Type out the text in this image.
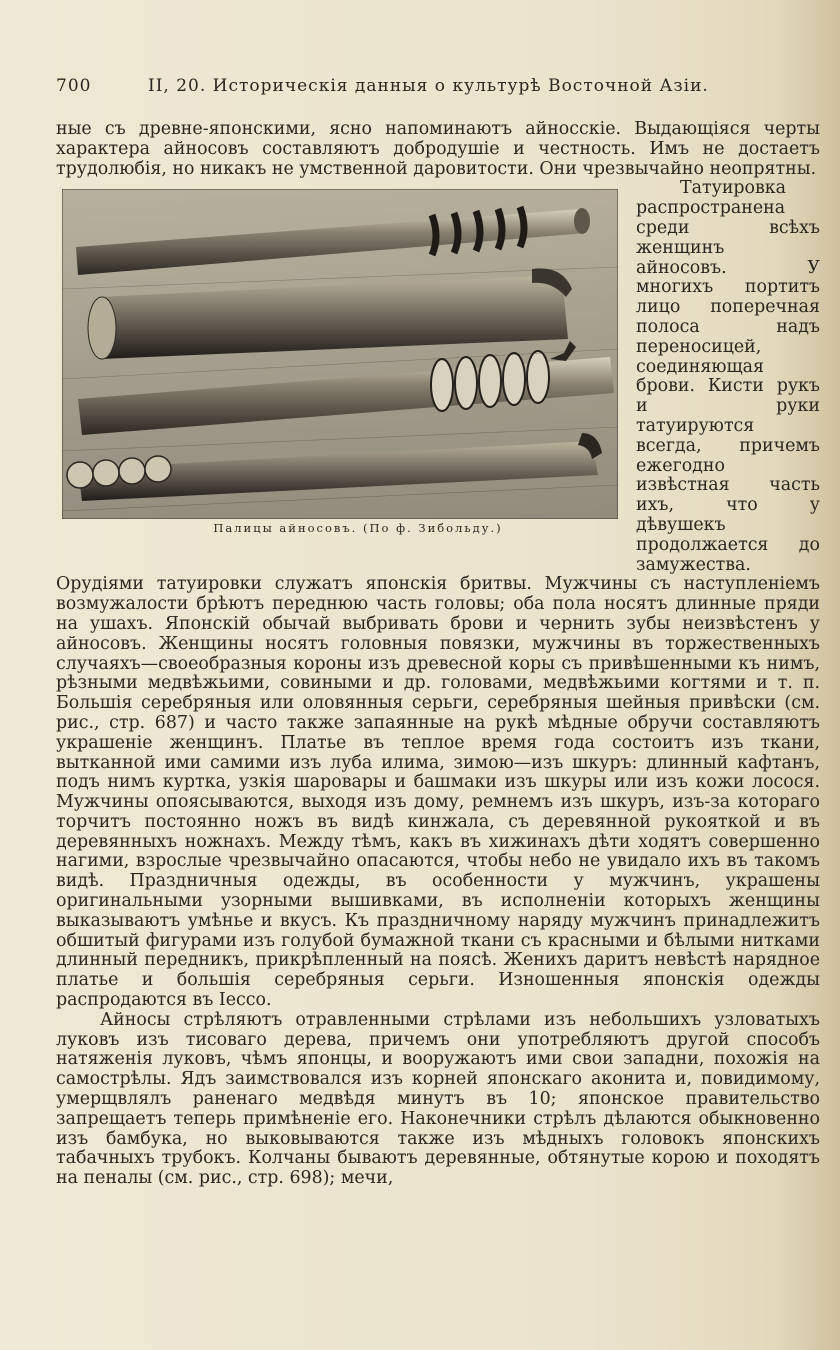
700	II, 20. Историческія данныя о культурѣ Восточной Азіи.

ные съ древне-японскими, ясно напоминаютъ айносскіе. Выдающіяся черты характера айносовъ составляютъ добродушіе и честность. Имъ не достаетъ трудолюбія, но никакъ не умственной даровитости. Они чрезвычайно неопрятны.

Палицы айносовъ. (По ф. Зибольду.)
Татуировка распространена среди всѣхъ женщинъ айносовъ. У многихъ портитъ лицо поперечная полоса надъ переносицей, соединяющая брови. Кисти рукъ и руки татуируются всегда, причемъ ежегодно извѣстная часть ихъ, что у дѣвушекъ продолжается до замужества. Орудіями татуировки служатъ японскія бритвы. Мужчины съ наступленіемъ возмужалости брѣютъ переднюю часть головы; оба пола носятъ длинные пряди на ушахъ. Японскій обычай выбривать брови и чернить зубы неизвѣстенъ у айносовъ. Женщины носятъ головныя повязки, мужчины въ торжественныхъ случаяхъ—своеобразныя короны изъ древесной коры съ привѣшенными къ нимъ, рѣзными медвѣжьими, совиными и др. головами, медвѣжьими когтями и т. п. Большія серебряныя или оловянныя серьги, серебряныя шейныя привѣски (см. рис., стр. 687) и часто также запаянные на рукѣ мѣдные обручи составляютъ украшеніе женщинъ. Платье въ теплое время года состоитъ изъ ткани, вытканной ими самими изъ луба илима, зимою—изъ шкуръ: длинный кафтанъ, подъ нимъ куртка, узкія шаровары и башмаки изъ шкуры или изъ кожи лосося. Мужчины опоясываются, выходя изъ дому, ремнемъ изъ шкуръ, изъ-за котораго торчитъ постоянно ножъ въ видѣ кинжала, съ деревянной рукояткой и въ деревянныхъ ножнахъ. Между тѣмъ, какъ въ хижинахъ дѣти ходятъ совершенно нагими, взрослые чрезвычайно опасаются, чтобы небо не увидало ихъ въ такомъ видѣ. Праздничныя одежды, въ особенности у мужчинъ, украшены оригинальными узорными вышивками, въ исполненіи которыхъ женщины выказываютъ умѣнье и вкусъ. Къ праздничному наряду мужчинъ принадлежитъ обшитый фигурами изъ голубой бумажной ткани съ красными и бѣлыми нитками длинный передникъ, прикрѣпленный на поясѣ. Женихъ даритъ невѣстѣ нарядное платье и большія серебряныя серьги. Изношенныя японскія одежды распродаются въ Іессо.

Айносы стрѣляютъ отравленными стрѣлами изъ небольшихъ узловатыхъ луковъ изъ тисоваго дерева, причемъ они употребляютъ другой способъ натяженія луковъ, чѣмъ японцы, и вооружаютъ ими свои западни, похожія на самострѣлы. Ядъ заимствовался изъ корней японскаго аконита и, повидимому, умерщвлялъ раненаго медвѣдя минутъ въ 10; японское правительство запрещаетъ теперь примѣненіе его. Наконечники стрѣлъ дѣлаются обыкновенно изъ бамбука, но выковываются также изъ мѣдныхъ головокъ японскихъ табачныхъ трубокъ. Колчаны бываютъ деревянные, обтянутые корою и походятъ на пеналы (см. рис., стр. 698); мечи,
